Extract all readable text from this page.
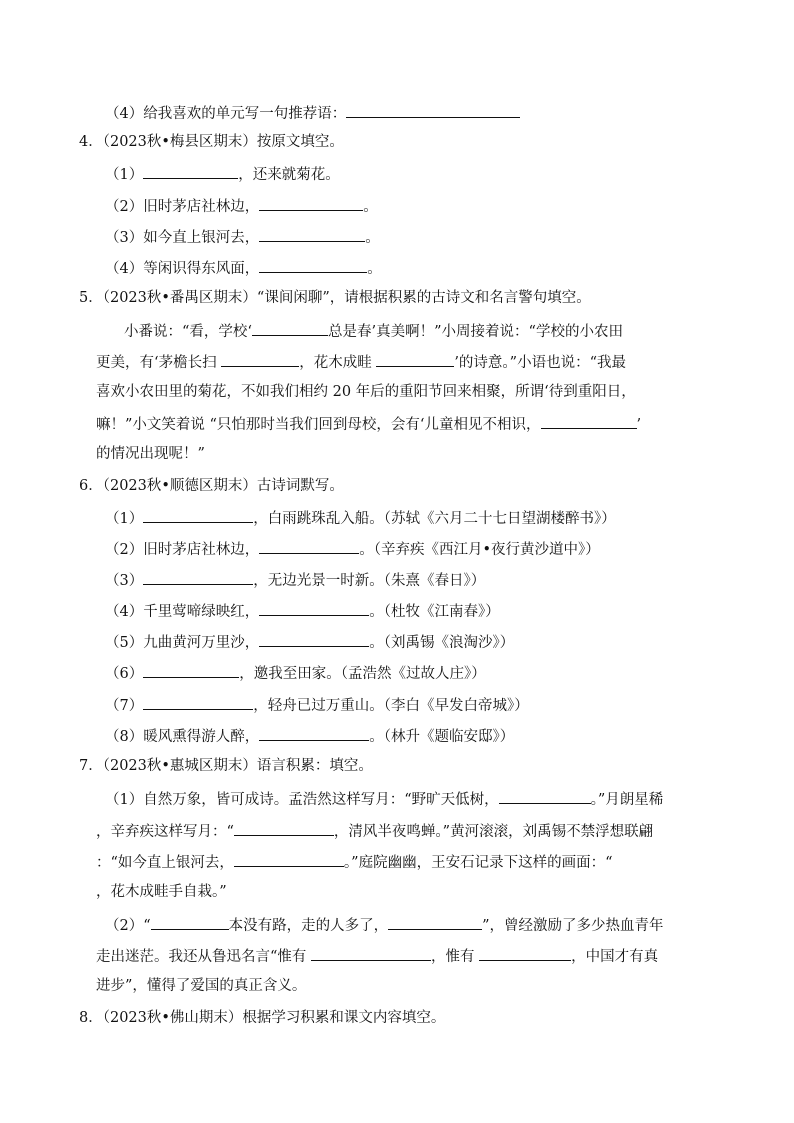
（4）给我喜欢的单元写一句推荐语：
4．（2023秋•梅县区期末）按原文填空。
（1）	，还来就菊花。
（2）旧时茅店社林边，	。
（3）如今直上银河去，	。
（4）等闲识得东风面，	。
5．（2023秋•番禺区期末）“课间闲聊”，请根据积累的古诗文和名言警句填空。
小番说：“看，学校‘	总是春’真美啊！”小周接着说：“学校的小农田
更美，有‘茅檐长扫	，花木成畦	’的诗意。”小语也说：“我最
喜欢小农田里的菊花，不如我们相约 20 年后的重阳节回来相聚，所谓‘待到重阳日，
嘛！”小文笑着说 “只怕那时当我们回到母校，会有‘儿童相见不相识，	’
的情况出现呢！”
6．（2023秋•顺德区期末）古诗词默写。
（1）	，白雨跳珠乱入船。（苏轼《六月二十七日望湖楼醉书》）
（2）旧时茅店社林边，	。（辛弃疾《西江月•夜行黄沙道中》）
（3）	，无边光景一时新。（朱熹《春日》）
（4）千里莺啼绿映红，	。（杜牧《江南春》）
（5）九曲黄河万里沙，	。（刘禹锡《浪淘沙》）
（6）	，邀我至田家。（孟浩然《过故人庄》）
（7）	，轻舟已过万重山。（李白《早发白帝城》）
（8）暖风熏得游人醉，	。（林升《题临安邸》）
7．（2023秋•惠城区期末）语言积累：填空。
（1）自然万象，皆可成诗。孟浩然这样写月：“野旷天低树，	。”月朗星稀
，辛弃疾这样写月：“	，清风半夜鸣蝉。”黄河滚滚，刘禹锡不禁浮想联翩
：“如今直上银河去，	。”庭院幽幽，王安石记录下这样的画面：“
，花木成畦手自栽。”
（2）“	本没有路，走的人多了，	”，曾经激励了多少热血青年
走出迷茫。我还从鲁迅名言“惟有	，惟有	，中国才有真
进步”，懂得了爱国的真正含义。
8．（2023秋•佛山期末）根据学习积累和课文内容填空。
